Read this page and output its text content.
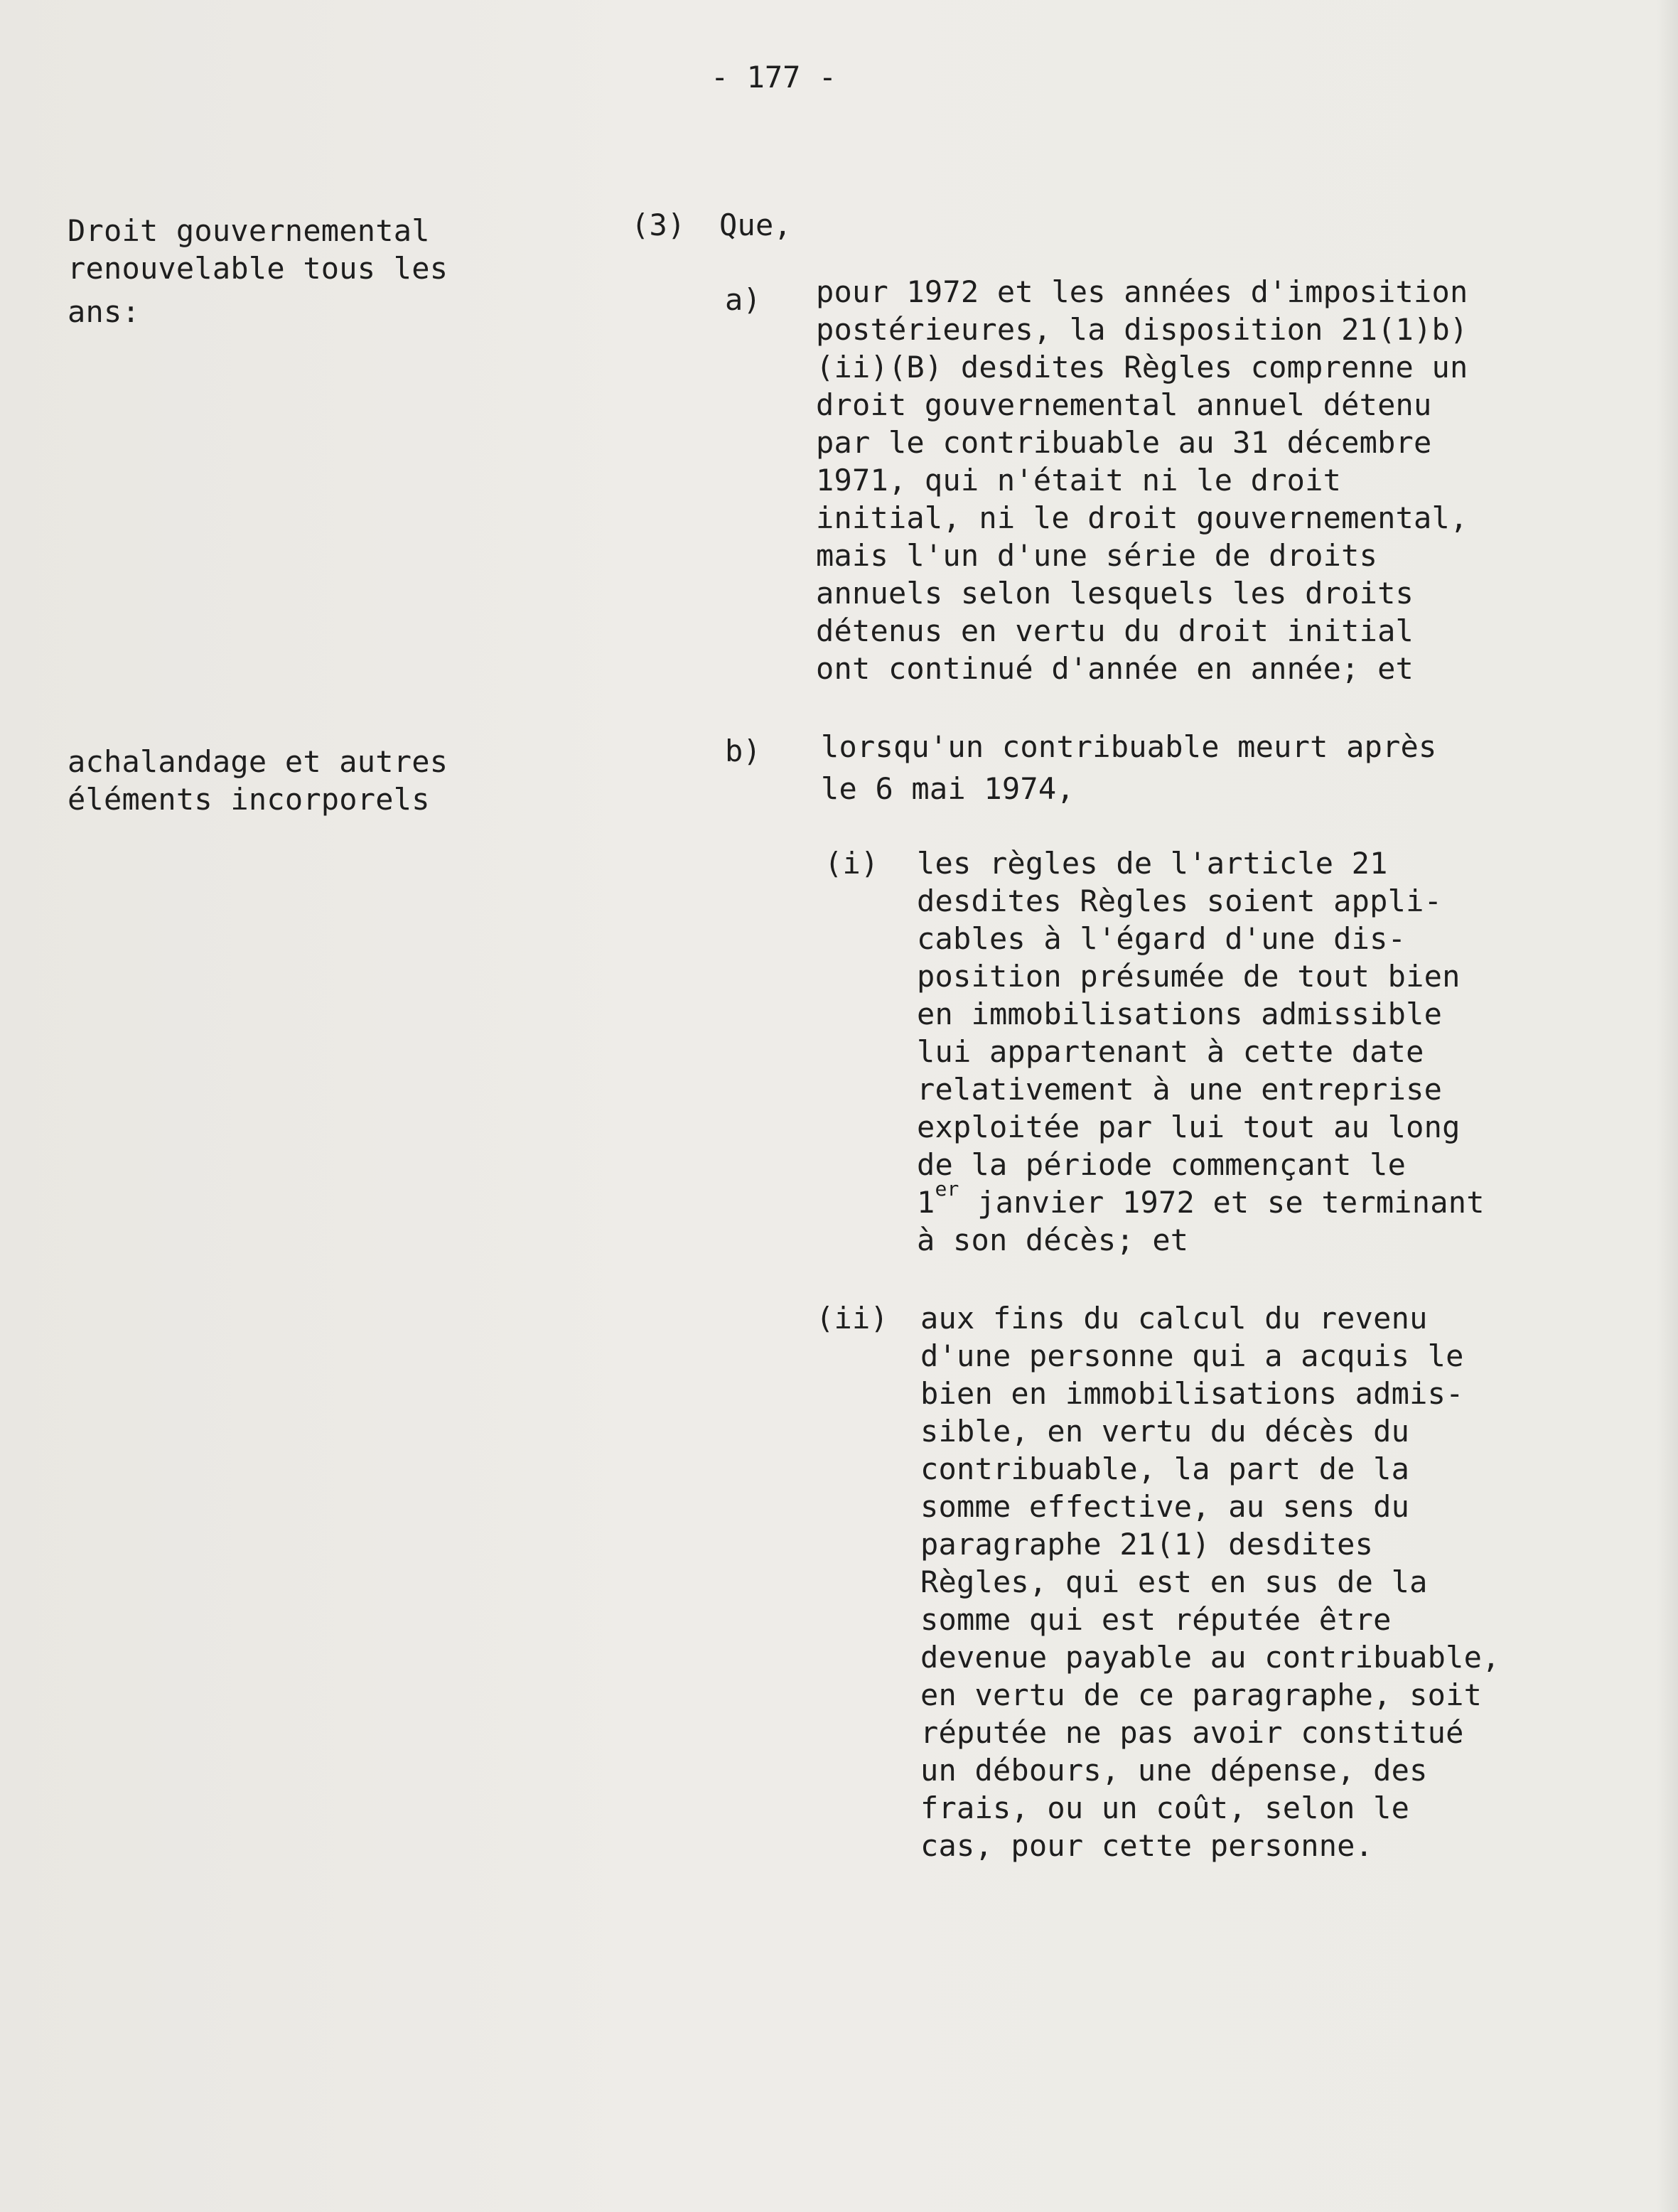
- 177 -
Droit gouvernemental
renouvelable tous les
ans:
achalandage et autres
éléments incorporels
(3) Que,
a) pour 1972 et les années d'imposition
postérieures, la disposition 21(1)b)
(ii)(B) desdites Règles comprenne un
droit gouvernemental annuel détenu
par le contribuable au 31 décembre
1971, qui n'était ni le droit
initial, ni le droit gouvernemental,
mais l'un d'une série de droits
annuels selon lesquels les droits
détenus en vertu du droit initial
ont continué d'année en année; et
b) lorsqu'un contribuable meurt après
le 6 mai 1974,
(i) les règles de l'article 21
desdites Règles soient appli-
cables à l'égard d'une dis-
position présumée de tout bien
en immobilisations admissible
lui appartenant à cette date
relativement à une entreprise
exploitée par lui tout au long
de la période commençant le
1er janvier 1972 et se terminant
à son décès; et
(ii) aux fins du calcul du revenu
d'une personne qui a acquis le
bien en immobilisations admis-
sible, en vertu du décès du
contribuable, la part de la
somme effective, au sens du
paragraphe 21(1) desdites
Règles, qui est en sus de la
somme qui est réputée être
devenue payable au contribuable,
en vertu de ce paragraphe, soit
réputée ne pas avoir constitué
un débours, une dépense, des
frais, ou un coût, selon le
cas, pour cette personne.
